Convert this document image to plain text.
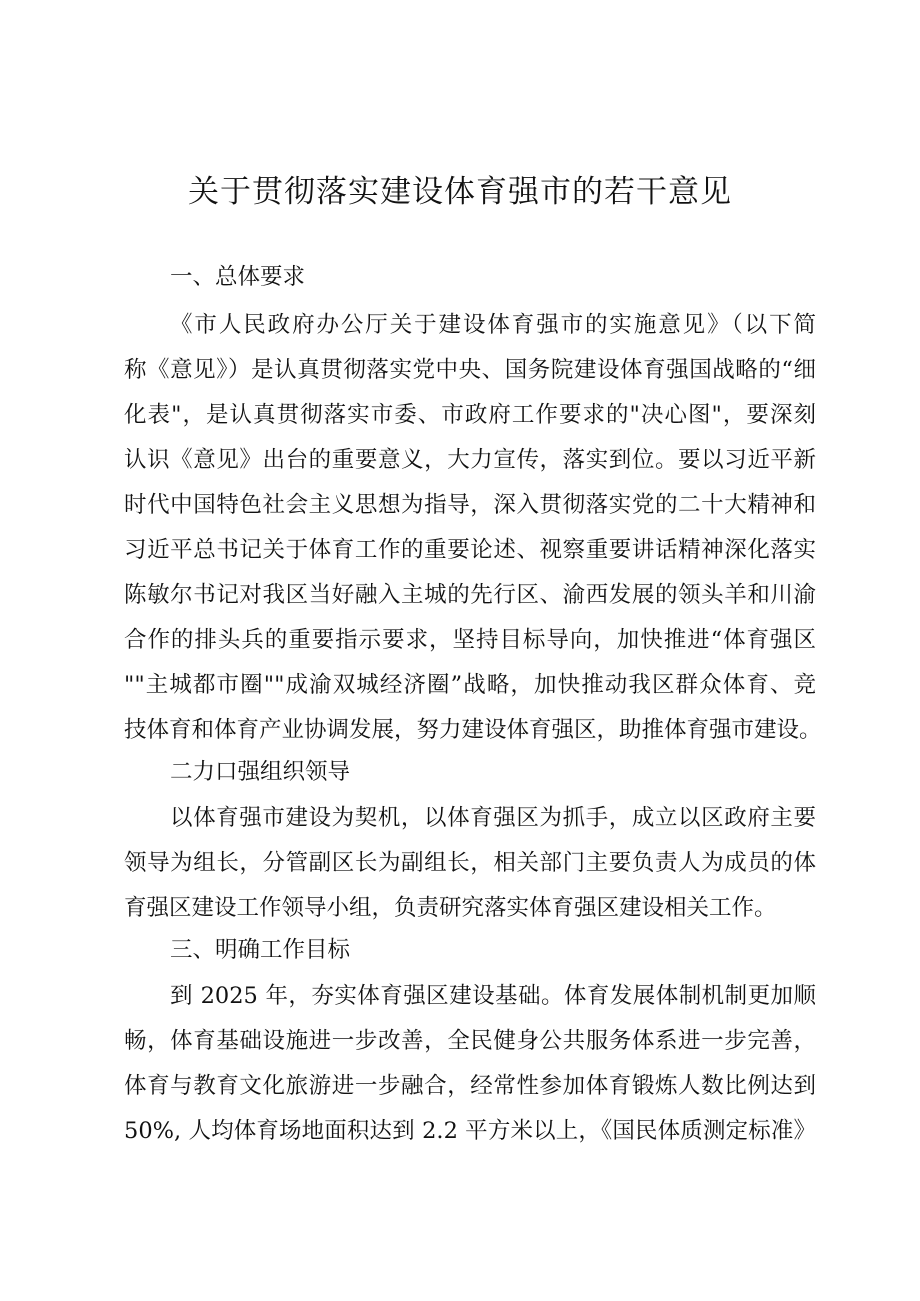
关于贯彻落实建设体育强市的若干意见

一、总体要求

《市人民政府办公厅关于建设体育强市的实施意见》（以下简

称《意见》）是认真贯彻落实党中央、国务院建设体育强国战略的“细

化表"，是认真贯彻落实市委、市政府工作要求的"决心图"，要深刻

认识《意见》出台的重要意义，大力宣传，落实到位。要以习近平新

时代中国特色社会主义思想为指导，深入贯彻落实党的二十大精神和

习近平总书记关于体育工作的重要论述、视察重要讲话精神深化落实

陈敏尔书记对我区当好融入主城的先行区、渝西发展的领头羊和川渝

合作的排头兵的重要指示要求，坚持目标导向，加快推进“体育强区

""主城都市圈""成渝双城经济圈”战略，加快推动我区群众体育、竞

技体育和体育产业协调发展，努力建设体育强区，助推体育强市建设。

二力口强组织领导

以体育强市建设为契机，以体育强区为抓手，成立以区政府主要

领导为组长，分管副区长为副组长，相关部门主要负责人为成员的体

育强区建设工作领导小组，负责研究落实体育强区建设相关工作。

三、明确工作目标

到 2025 年，夯实体育强区建设基础。体育发展体制机制更加顺

畅，体育基础设施进一步改善，全民健身公共服务体系进一步完善，

体育与教育文化旅游进一步融合，经常性参加体育锻炼人数比例达到

50%, 人均体育场地面积达到 2.2 平方米以上，《国民体质测定标准》
